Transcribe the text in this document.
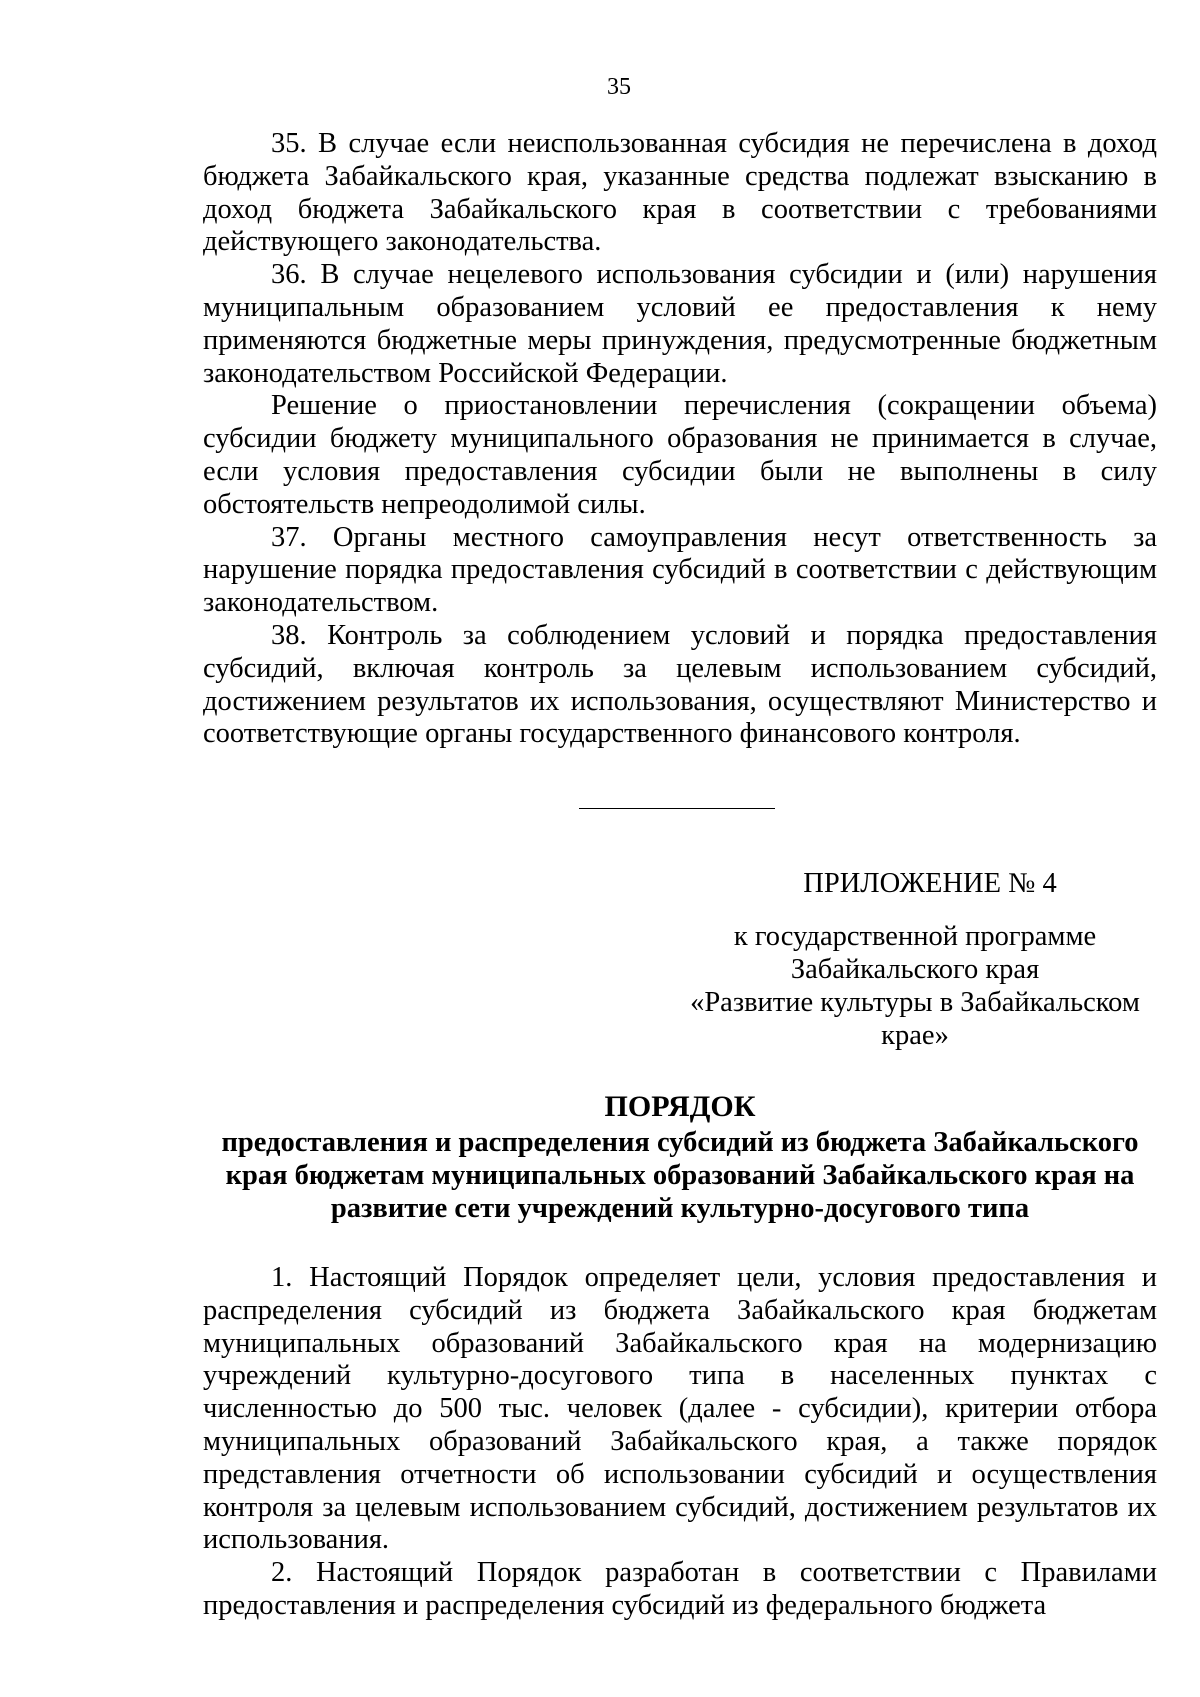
35

35. В случае если неиспользованная субсидия не перечислена в доход бюджета Забайкальского края, указанные средства подлежат взысканию в доход бюджета Забайкальского края в соответствии с требованиями действующего законодательства.

36. В случае нецелевого использования субсидии и (или) нарушения муниципальным образованием условий ее предоставления к нему применяются бюджетные меры принуждения, предусмотренные бюджетным законодательством Российской Федерации.

Решение о приостановлении перечисления (сокращении объема) субсидии бюджету муниципального образования не принимается в случае, если условия предоставления субсидии были не выполнены в силу обстоятельств непреодолимой силы.

37. Органы местного самоуправления несут ответственность за нарушение порядка предоставления субсидий в соответствии с действующим законодательством.

38. Контроль за соблюдением условий и порядка предоставления субсидий, включая контроль за целевым использованием субсидий, достижением результатов их использования, осуществляют Министерство и соответствующие органы государственного финансового контроля.

ПРИЛОЖЕНИЕ № 4
к государственной программе
Забайкальского края
«Развитие культуры в Забайкальском
крае»
ПОРЯДОК
предоставления и распределения субсидий из бюджета Забайкальского
края бюджетам муниципальных образований Забайкальского края на
развитие сети учреждений культурно-досугового типа

1. Настоящий Порядок определяет цели, условия предоставления и распределения субсидий из бюджета Забайкальского края бюджетам муниципальных образований Забайкальского края на модернизацию учреждений культурно-досугового типа в населенных пунктах с численностью до 500 тыс. человек (далее - субсидии), критерии отбора муниципальных образований Забайкальского края, а также порядок представления отчетности об использовании субсидий и осуществления контроля за целевым использованием субсидий, достижением результатов их использования.

2. Настоящий Порядок разработан в соответствии с Правилами предоставления и распределения субсидий из федерального бюджета
